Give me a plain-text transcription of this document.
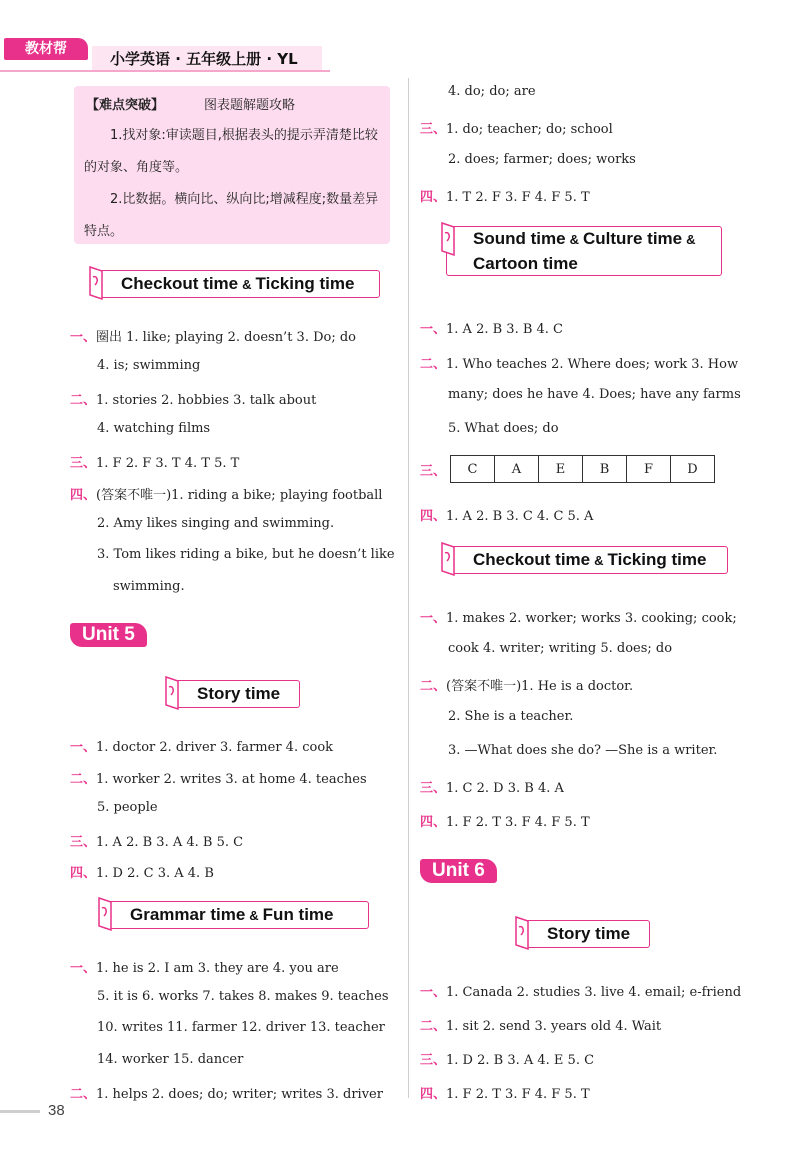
教材帮
小学英语 · 五年级上册 · YL
【难点突破】	图表题解题攻略
1.找对象:审读题目,根据表头的提示弄清楚比较的对象、角度等。
2.比数据。横向比、纵向比;增减程度;数量差异特点。
Checkout time & Ticking time
一、圈出 1. like; playing 2. doesn’t 3. Do; do
4. is; swimming
二、1. stories 2. hobbies 3. talk about
4. watching films
三、1. F 2. F 3. T 4. T 5. T
四、(答案不唯一)1. riding a bike; playing football
2. Amy likes singing and swimming.
3. Tom likes riding a bike, but he doesn’t like
swimming.
Unit 5
Story time
一、1. doctor 2. driver 3. farmer 4. cook
二、1. worker 2. writes 3. at home 4. teaches
5. people
三、1. A 2. B 3. A 4. B 5. C
四、1. D 2. C 3. A 4. B
Grammar time & Fun time
一、1. he is 2. I am 3. they are 4. you are
5. it is 6. works 7. takes 8. makes 9. teaches
10. writes 11. farmer 12. driver 13. teacher
14. worker 15. dancer
二、1. helps 2. does; do; writer; writes 3. driver
4. do; do; are
三、1. do; teacher; do; school
2. does; farmer; does; works
四、1. T 2. F 3. F 4. F 5. T
Sound time & Culture time &
Cartoon time
一、1. A 2. B 3. B 4. C
二、1. Who teaches 2. Where does; work 3. How
many; does he have 4. Does; have any farms
5. What does; do
三、 C	A	E	B	F	D
四、1. A 2. B 3. C 4. C 5. A
Checkout time & Ticking time
一、1. makes 2. worker; works 3. cooking; cook;
cook 4. writer; writing 5. does; do
二、(答案不唯一)1. He is a doctor.
2. She is a teacher.
3. —What does she do? —She is a writer.
三、1. C 2. D 3. B 4. A
四、1. F 2. T 3. F 4. F 5. T
Unit 6
Story time
一、1. Canada 2. studies 3. live 4. email; e-friend
二、1. sit 2. send 3. years old 4. Wait
三、1. D 2. B 3. A 4. E 5. C
四、1. F 2. T 3. F 4. F 5. T
38
